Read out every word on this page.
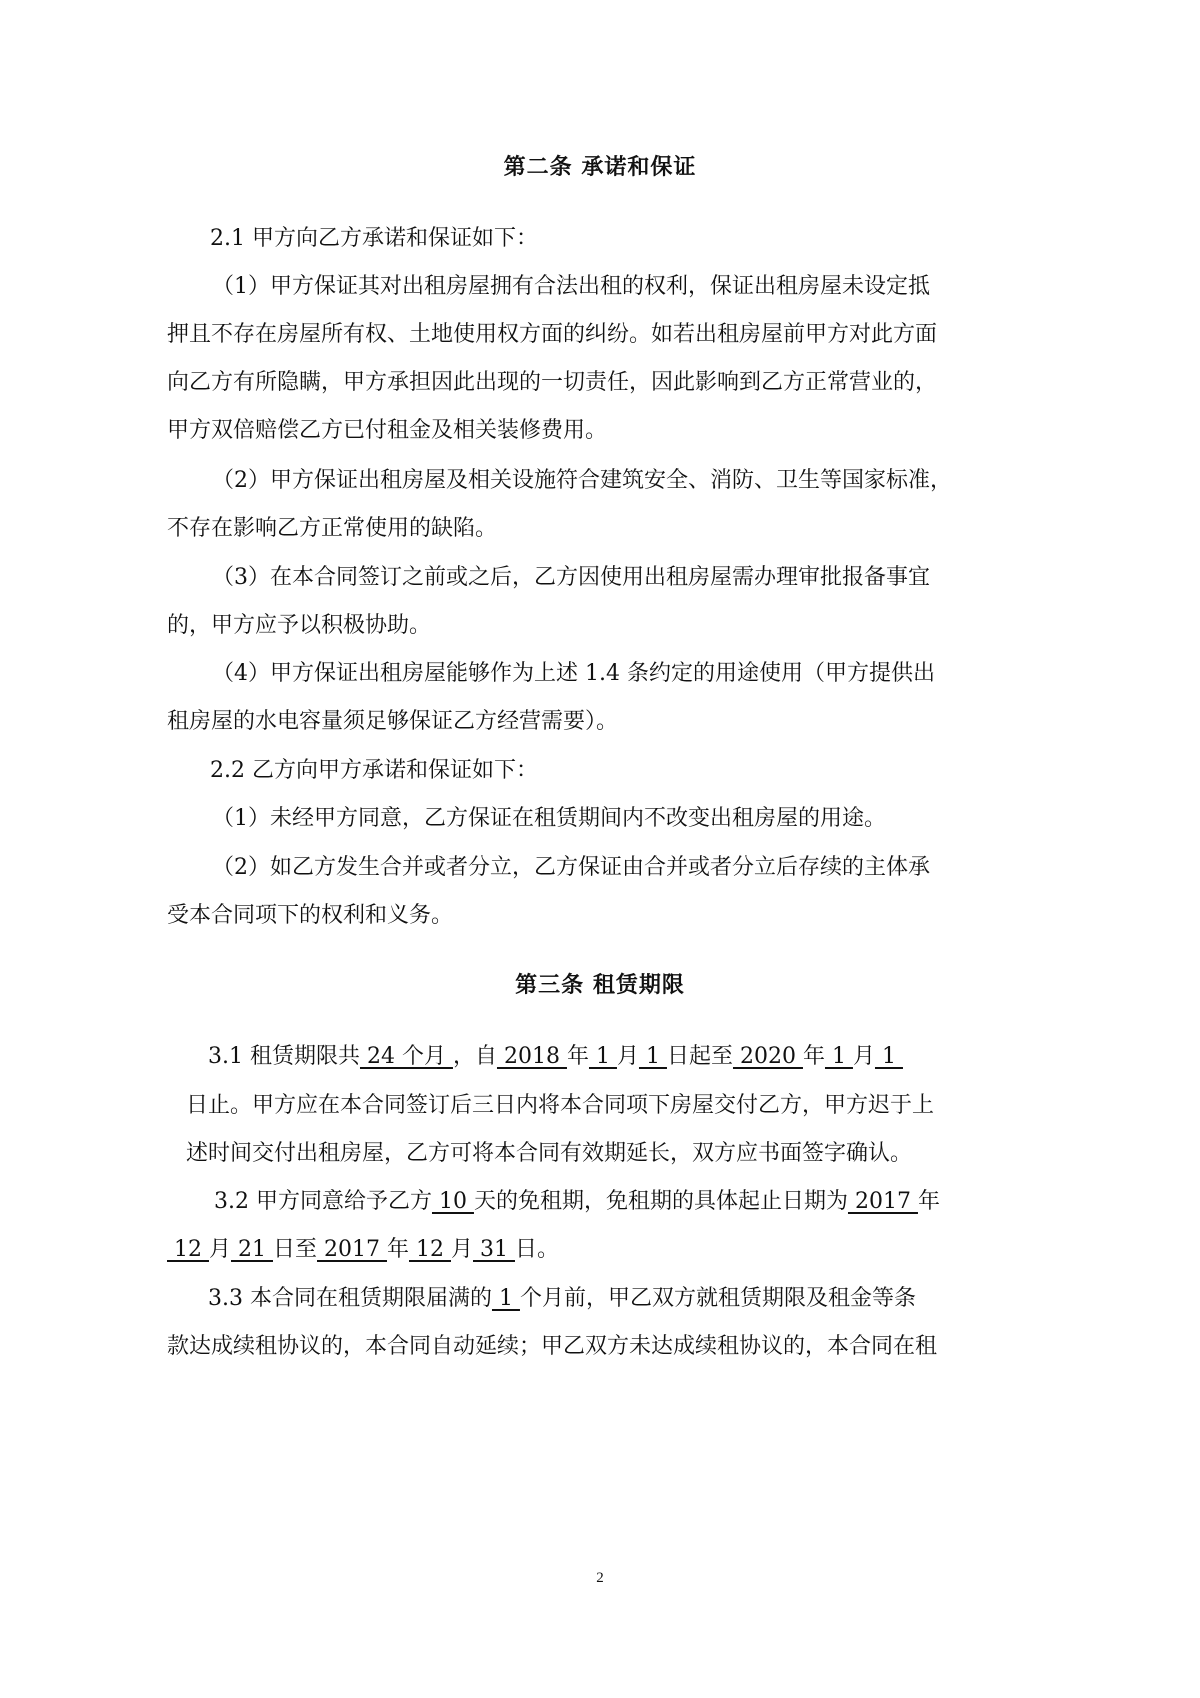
第二条 承诺和保证
2.1 甲方向乙方承诺和保证如下：
（1）甲方保证其对出租房屋拥有合法出租的权利，保证出租房屋未设定抵
押且不存在房屋所有权、土地使用权方面的纠纷。如若出租房屋前甲方对此方面
向乙方有所隐瞒，甲方承担因此出现的一切责任，因此影响到乙方正常营业的，
甲方双倍赔偿乙方已付租金及相关装修费用。
（2）甲方保证出租房屋及相关设施符合建筑安全、消防、卫生等国家标准，
不存在影响乙方正常使用的缺陷。
（3）在本合同签订之前或之后，乙方因使用出租房屋需办理审批报备事宜
的，甲方应予以积极协助。
（4）甲方保证出租房屋能够作为上述 1.4 条约定的用途使用（甲方提供出
租房屋的水电容量须足够保证乙方经营需要）。
2.2 乙方向甲方承诺和保证如下：
（1）未经甲方同意，乙方保证在租赁期间内不改变出租房屋的用途。
（2）如乙方发生合并或者分立，乙方保证由合并或者分立后存续的主体承
受本合同项下的权利和义务。
第三条 租赁期限
3.1 租赁期限共 24 个月 ，自 2018 年 1 月 1 日起至 2020 年 1 月 1
日止。甲方应在本合同签订后三日内将本合同项下房屋交付乙方，甲方迟于上
述时间交付出租房屋，乙方可将本合同有效期延长，双方应书面签字确认。
3.2 甲方同意给予乙方 10 天的免租期，免租期的具体起止日期为 2017 年
12 月 21 日至 2017 年 12 月 31 日。
3.3 本合同在租赁期限届满的 1 个月前，甲乙双方就租赁期限及租金等条
款达成续租协议的，本合同自动延续；甲乙双方未达成续租协议的，本合同在租
2
